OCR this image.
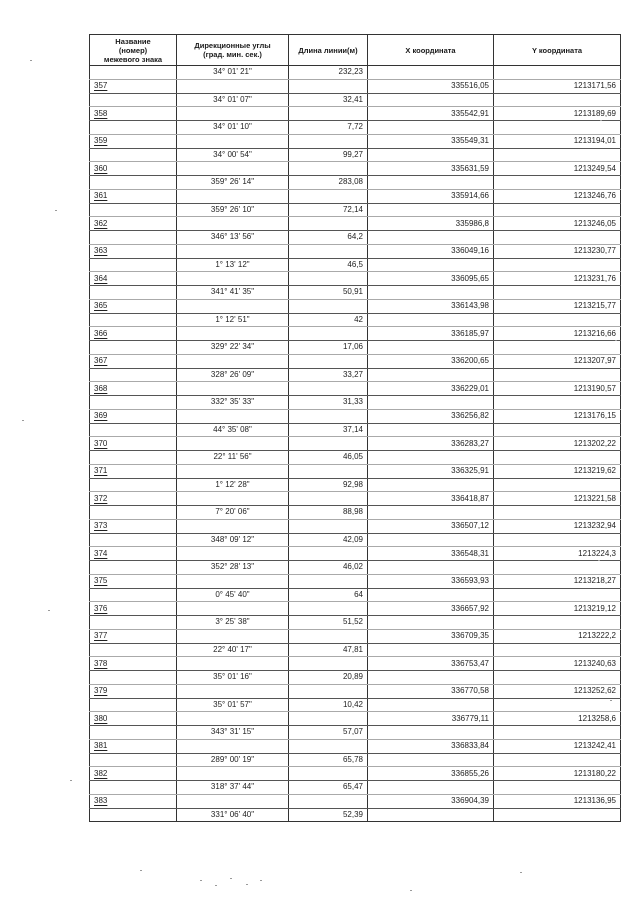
Название
(номер)
межевого знака	Дирекционные углы
(град. мин. сек.)	Длина линии(м)	X координата	Y координата
	34° 01' 21"	232,23		
357			335516,05	1213171,56
	34° 01' 07"	32,41		
358			335542,91	1213189,69
	34° 01' 10"	7,72		
359			335549,31	1213194,01
	34° 00' 54"	99,27		
360			335631,59	1213249,54
	359° 26' 14"	283,08		
361			335914,66	1213246,76
	359° 26' 10"	72,14		
362			335986,8	1213246,05
	346° 13' 56"	64,2		
363			336049,16	1213230,77
	1° 13' 12"	46,5		
364			336095,65	1213231,76
	341° 41' 35"	50,91		
365			336143,98	1213215,77
	1° 12' 51"	42		
366			336185,97	1213216,66
	329° 22' 34"	17,06		
367			336200,65	1213207,97
	328° 26' 09"	33,27		
368			336229,01	1213190,57
	332° 35' 33"	31,33		
369			336256,82	1213176,15
	44° 35' 08"	37,14		
370			336283,27	1213202,22
	22° 11' 56"	46,05		
371			336325,91	1213219,62
	1° 12' 28"	92,98		
372			336418,87	1213221,58
	7° 20' 06"	88,98		
373			336507,12	1213232,94
	348° 09' 12"	42,09		
374			336548,31	1213224,3
	352° 28' 13"	46,02		
375			336593,93	1213218,27
	0° 45' 40"	64		
376			336657,92	1213219,12
	3° 25' 38"	51,52		
377			336709,35	1213222,2
	22° 40' 17"	47,81		
378			336753,47	1213240,63
	35° 01' 16"	20,89		
379			336770,58	1213252,62
	35° 01' 57"	10,42		
380			336779,11	1213258,6
	343° 31' 15"	57,07		
381			336833,84	1213242,41
	289° 00' 19"	65,78		
382			336855,26	1213180,22
	318° 37' 44"	65,47		
383			336904,39	1213136,95
	331° 06' 40"	52,39		
